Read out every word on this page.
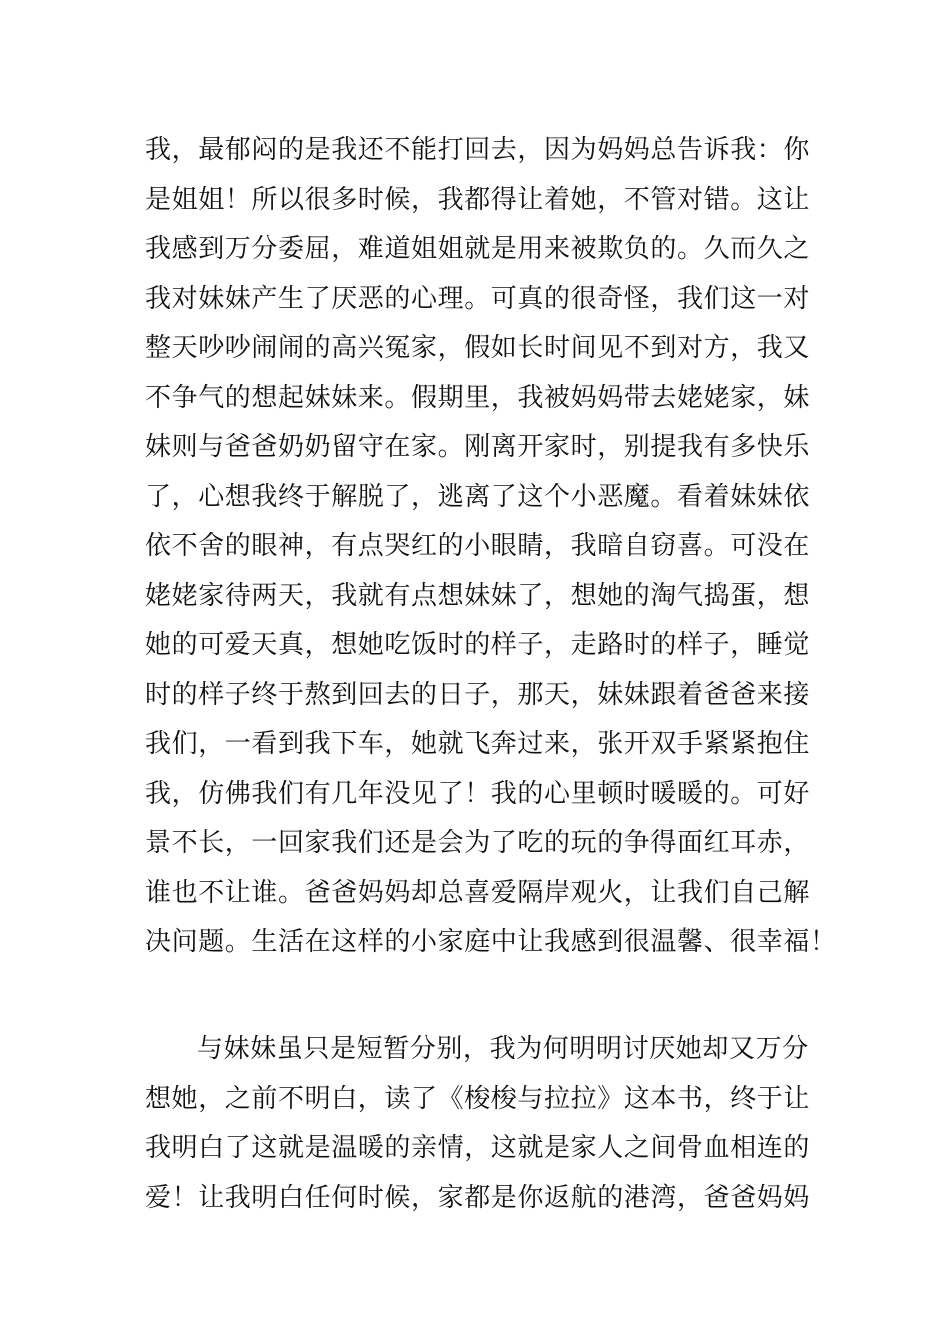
我，最郁闷的是我还不能打回去，因为妈妈总告诉我：你
是姐姐！所以很多时候，我都得让着她，不管对错。这让
我感到万分委屈，难道姐姐就是用来被欺负的。久而久之
我对妹妹产生了厌恶的心理。可真的很奇怪，我们这一对
整天吵吵闹闹的高兴冤家，假如长时间见不到对方，我又
不争气的想起妹妹来。假期里，我被妈妈带去姥姥家，妹
妹则与爸爸奶奶留守在家。刚离开家时，别提我有多快乐
了，心想我终于解脱了，逃离了这个小恶魔。看着妹妹依
依不舍的眼神，有点哭红的小眼睛，我暗自窃喜。可没在
姥姥家待两天，我就有点想妹妹了，想她的淘气捣蛋，想
她的可爱天真，想她吃饭时的样子，走路时的样子，睡觉
时的样子终于熬到回去的日子，那天，妹妹跟着爸爸来接
我们，一看到我下车，她就飞奔过来，张开双手紧紧抱住
我，仿佛我们有几年没见了！我的心里顿时暖暖的。可好
景不长，一回家我们还是会为了吃的玩的争得面红耳赤，
谁也不让谁。爸爸妈妈却总喜爱隔岸观火，让我们自己解
决问题。生活在这样的小家庭中让我感到很温馨、很幸福！
与妹妹虽只是短暂分别，我为何明明讨厌她却又万分
想她，之前不明白，读了《梭梭与拉拉》这本书，终于让
我明白了这就是温暖的亲情，这就是家人之间骨血相连的
爱！让我明白任何时候，家都是你返航的港湾，爸爸妈妈
